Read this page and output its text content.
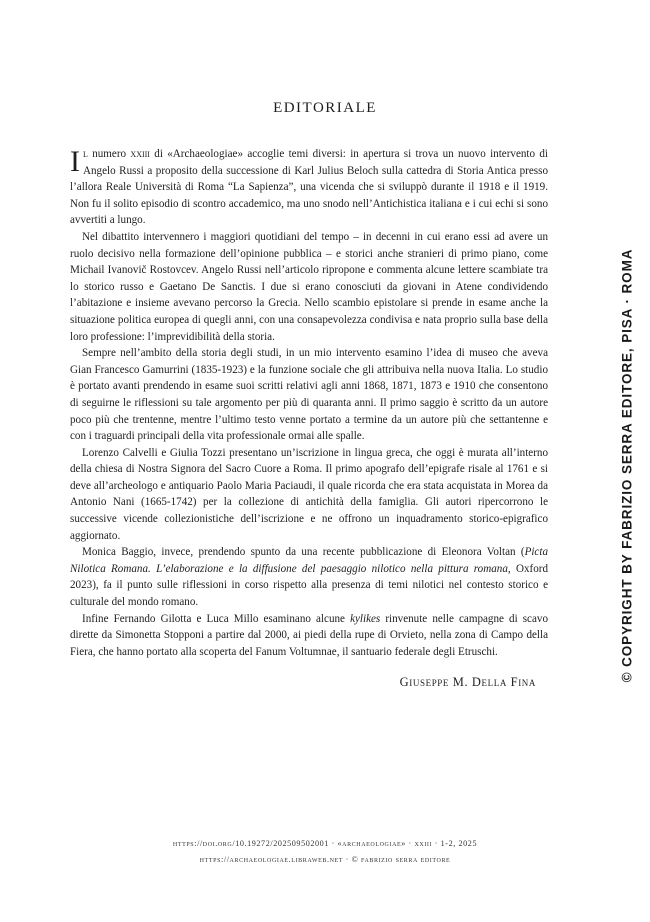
EDITORIALE

Il numero xxiii di «Archaeologiae» accoglie temi diversi: in apertura si trova un nuovo intervento di Angelo Russi a proposito della successione di Karl Julius Beloch sulla cattedra di Storia Antica presso l’allora Reale Università di Roma “La Sapienza”, una vicenda che si sviluppò durante il 1918 e il 1919. Non fu il solito episodio di scontro accademico, ma uno snodo nell’Antichistica italiana e i cui echi si sono avvertiti a lungo.

Nel dibattito intervennero i maggiori quotidiani del tempo – in decenni in cui erano essi ad avere un ruolo decisivo nella formazione dell’opinione pubblica – e storici anche stranieri di primo piano, come Michail Ivanovič Rostovcev. Angelo Russi nell’articolo ripropone e commenta alcune lettere scambiate tra lo storico russo e Gaetano De Sanctis. I due si erano conosciuti da giovani in Atene condividendo l’abitazione e insieme avevano percorso la Grecia. Nello scambio epistolare si prende in esame anche la situazione politica europea di quegli anni, con una consapevolezza condivisa e nata proprio sulla base della loro professione: l’imprevidibilità della storia.

Sempre nell’ambito della storia degli studi, in un mio intervento esamino l’idea di museo che aveva Gian Francesco Gamurrini (1835-1923) e la funzione sociale che gli attribuiva nella nuova Italia. Lo studio è portato avanti prendendo in esame suoi scritti relativi agli anni 1868, 1871, 1873 e 1910 che consentono di seguirne le riflessioni su tale argomento per più di quaranta anni. Il primo saggio è scritto da un autore poco più che trentenne, mentre l’ultimo testo venne portato a termine da un autore più che settantenne e con i traguardi principali della vita professionale ormai alle spalle.

Lorenzo Calvelli e Giulia Tozzi presentano un’iscrizione in lingua greca, che oggi è murata all’interno della chiesa di Nostra Signora del Sacro Cuore a Roma. Il primo apografo dell’epigrafe risale al 1761 e si deve all’archeologo e antiquario Paolo Maria Paciaudi, il quale ricorda che era stata acquistata in Morea da Antonio Nani (1665-1742) per la collezione di antichità della famiglia. Gli autori ripercorrono le successive vicende collezionistiche dell’iscrizione e ne offrono un inquadramento storico-epigrafico aggiornato.

Monica Baggio, invece, prendendo spunto da una recente pubblicazione di Eleonora Voltan (Picta Nilotica Romana. L’elaborazione e la diffusione del paesaggio nilotico nella pittura romana, Oxford 2023), fa il punto sulle riflessioni in corso rispetto alla presenza di temi nilotici nel contesto storico e culturale del mondo romano.

Infine Fernando Gilotta e Luca Millo esaminano alcune kylikes rinvenute nelle campagne di scavo dirette da Simonetta Stopponi a partire dal 2000, ai piedi della rupe di Orvieto, nella zona di Campo della Fiera, che hanno portato alla scoperta del Fanum Voltumnae, il santuario federale degli Etruschi.

Giuseppe M. Della Fina
https://doi.org/10.19272/202509502001 · «archaeologiae» · xxiii · 1-2, 2025
https://archaeologiae.libraweb.net · © fabrizio serra editore
© COPYRIGHT BY FABRIZIO SERRA EDITORE, PISA · ROMA
